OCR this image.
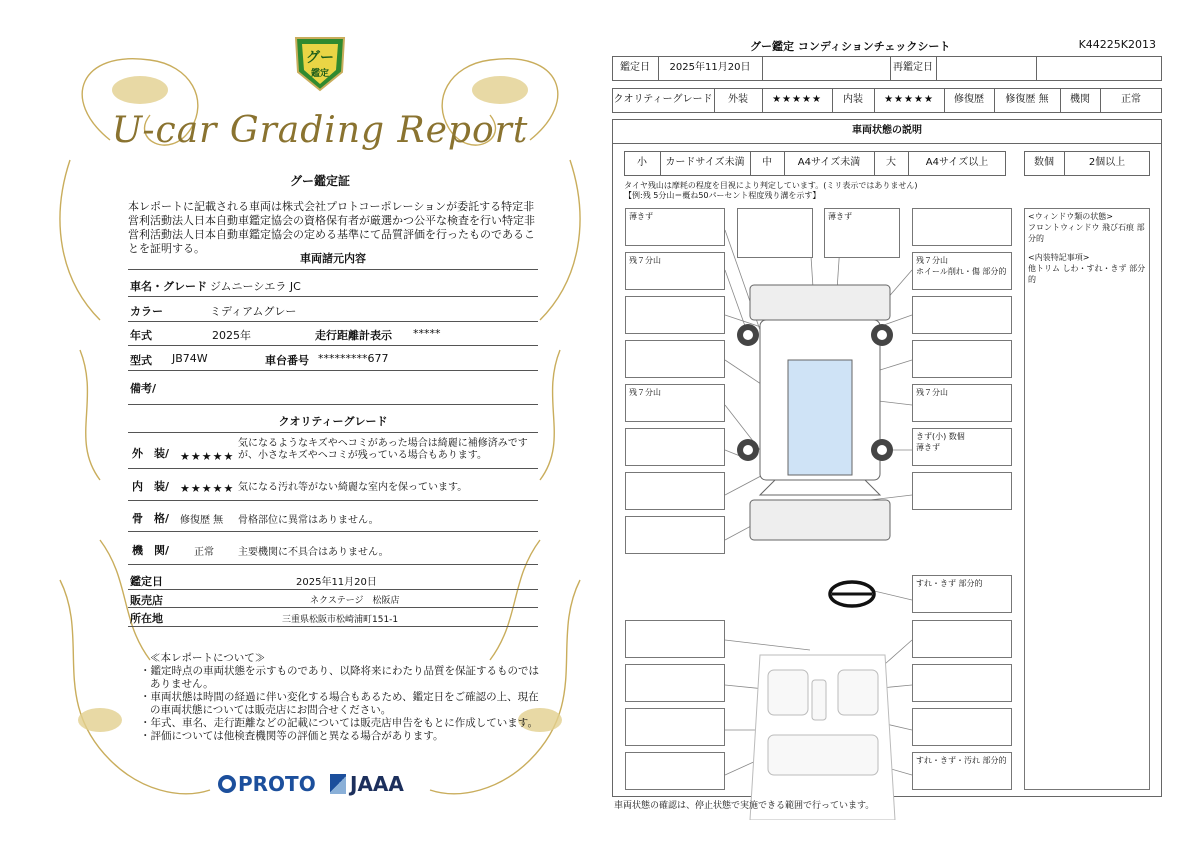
グー
鑑定
U-car Grading Report
グー鑑定証
本レポートに記載される車両は株式会社プロトコーポレーションが委託する特定非営利活動法人日本自動車鑑定協会の資格保有者が厳選かつ公平な検査を行い特定非営利活動法人日本自動車鑑定協会の定める基準にて品質評価を行ったものであることを証明する。
車両諸元内容
車名・グレード ジムニーシエラ JC
カラー	ミディアムグレー
年式	2025年	走行距離計表示 *****
型式 JB74W	車台番号 *********677
備考/
クオリティーグレード
外　装/ ★★★★★
気になるようなキズやヘコミがあった場合は綺麗に補修済みですが、小さなキズやヘコミが残っている場合もあります。
内　装/ ★★★★★ 気になる汚れ等がない綺麗な室内を保っています。
骨　格/ 修復歴 無 骨格部位に異常はありません。
機　関/ 正常 主要機関に不具合はありません。
鑑定日	2025年11月20日
販売店	ネクステージ　松阪店
所在地	三重県松阪市松崎浦町151-1
≪本レポートについて≫
・鑑定時点の車両状態を示すものであり、以降将来にわたり品質を保証するものではありません。
・車両状態は時間の経過に伴い変化する場合もあるため、鑑定日をご確認の上、現在の車両状態については販売店にお問合せください。
・年式、車名、走行距離などの記載については販売店申告をもとに作成しています。
・評価については他検査機関等の評価と異なる場合があります。
PROTO	JAAA
グー鑑定 コンディションチェックシート	K44225K2013
鑑定日	2025年11月20日	再鑑定日
クオリティーグレード	外装	★★★★★	内装	★★★★★	修復歴	修復歴 無	機関	正常
車両状態の説明
小	カードサイズ未満	中	A4サイズ未満	大	A4サイズ以上	数個	2個以上
タイヤ残山は摩耗の程度を目視により判定しています。(ミリ表示ではありません)
【例:残 5分山＝概ね50パーセント程度残り溝を示す】
薄きず	薄きず
残７分山	残７分山
ホイール削れ・傷 部分的
残７分山	残７分山
きず(小) 数個
薄きず
すれ・きず 部分的
すれ・きず・汚れ 部分的
<ウィンドウ類の状態>
フロントウィンドウ 飛び石痕 部分的
<内装特記事項>
他トリム しわ・すれ・きず 部分的
車両状態の確認は、停止状態で実施できる範囲で行っています。
